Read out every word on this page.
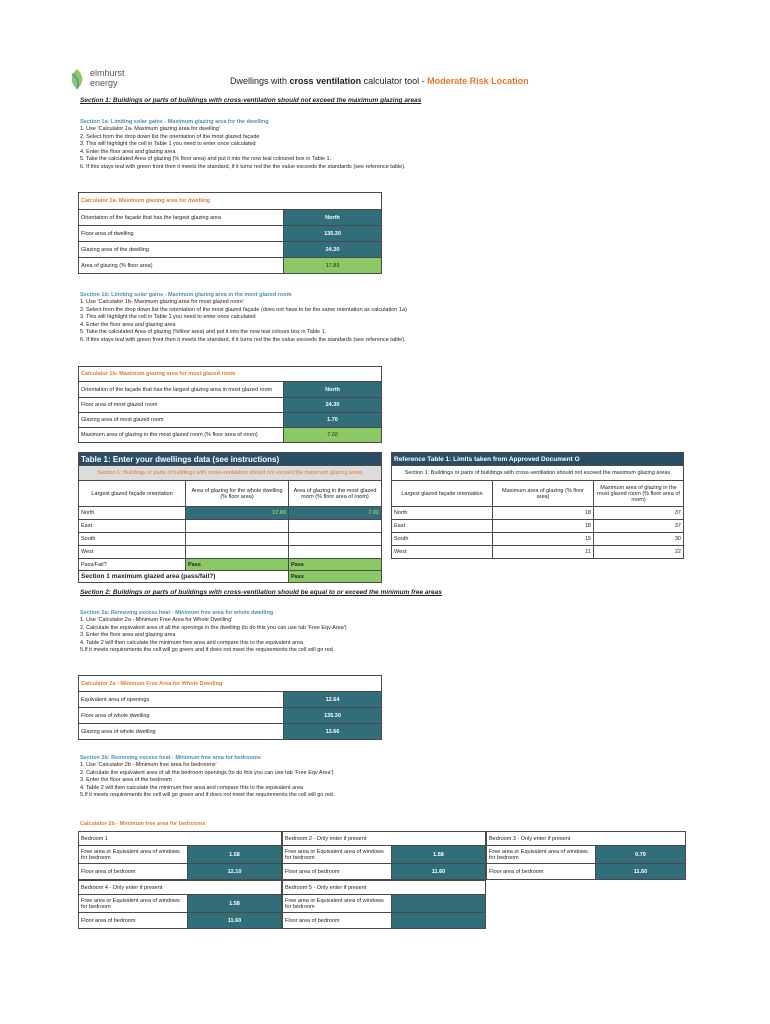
elmhurst
energy	Dwellings with cross ventilation calculator tool - Moderate Risk Location
Section 1: Buildings or parts of buildings with cross-ventilation should not exceed the maximum glazing areas
Section 1a: Limiting solar gains - Maximum glazing area for the dwelling
1. Use 'Calculator 1a- Maximum glazing area for dwelling'
2. Select from the drop down list the orientation of the most glazed façade
3. This will highlight the cell in Table 1 you need to enter once calculated
4. Enter the floor area and glazing area
5. Take the calculated Area of glazing (% floor area) and put it into the now teal coloured box in Table 1.
6. If this stays teal with green front then it meets the standard, if it turns red the the value exceeds the standards (see reference table).
Calculator 1a- Maximum glazing area for dwelling	
Orientation of the façade that has the largest glazing area	North
Floor area of dwelling	135.30
Glazing area of the dwelling	24.20
Area of glazing (% floor area)	17.89
Section 1b: Limiting solar gains - Maximum glazing area in the most glazed room
1. Use 'Calculator 1b- Maximum glazing area for most glazed room'
2. Select from the drop down list the orientation of the most glazed façade (does not have to be the same orientation as calculation 1a)
3. This will highlight the cell in Table 1 you need to enter once calculated
4. Enter the floor area and glazing area
5. Take the calculated Area of glazing (%floor area) and put it into the now teal colours box in Table 1.
6. If this stays teal with green front then it meets the standard, if it turns red the the value exceeds the standards (see reference table).
Calculator 1b- Maximum glazing area for most glazed room	
Orientation of the façade that has the largest glazing area in most glazed room	North
Floor area of most glazed room	24.30
Glazing area of most glazed room	1.70
Maximum area of glazing in the most glazed room (% floor area of room)	7.02
Table 1: Enter your dwellings data (see instructions)		
Section 1: Buildings or parts of buildings with cross-ventilation should not exceed the maximum glazing areas		
Largest glazed façade orientation	Area of glazing for the whole dwelling (% floor area)	Area of glazing in the most glazed room (% floor area of room)
North	17.89	7.02
East		
South		
West		
Pass/Fail?	Pass	Pass
Section 1 maximum glazed area (pass/fail?)		Pass
Reference Table 1: Limits taken from Approved Document O		
Section 1: Buildings or parts of buildings with cross-ventilation should not exceed the maximum glazing areas		
Largest glazed façade orientation	Maximum area of glazing (% floor area)	Maximum area of glazing in the most glazed room (% floor area of room)
North	18	37
East	18	37
South	15	30
West	11	22
Section 2: Buildings or parts of buildings with cross-ventilation should be equal to or exceed the minimum free areas
Section 2a: Removing excess heat - Minimum free area for whole dwelling
1. Use 'Calculator 2a - Minimum Free Area for Whole Dwelling'
2. Calculate the equivalent area of all the openings in the dwelling (to do this you can use tab 'Free Eqv Area')
3. Enter the floor area and glazing area
4. Table 2 will then calculate the minimum free area and compare this to the equivalent area
5.If it meets requirements the cell will go green and if does not meet the requirements the cell will go red.
Calculator 2a - Minimum Free Area for Whole Dwelling	
Equivalent area of openings	12.64
Floor area of whole dwelling	135.30
Glazing area of whole dwelling	13.66
Section 2b: Removing excess heat - Minimum free area for bedrooms
1. Use 'Calculator 2b - Minimum free area for bedrooms'
2. Calculate the equivalent area of all the bedroom openings (to do this you can use tab 'Free Eqv Area')
3. Enter the floor area of the bedroom
4. Table 2 will then calculate the minimum free area and compare this to the equivalent area
5.If it meets requirements the cell will go green and if does not meet the requirements the cell will go red.
Calculator 2b - Minimum free area for bedrooms
Bedroom 1	
Free area or Equivalent area of windows for bedroom	1.58
Floor area of bedroom	12.10
Bedroom 2 - Only enter if present	
Free area or Equivalent area of windows for bedroom	1.58
Floor area of bedroom	11.60
Bedroom 3 - Only enter if present	
Free area or Equivalent area of windows for bedroom	0.79
Floor area of bedroom	11.60
Bedroom 4 - Only enter if present	
Free area or Equivalent area of windows for bedroom	1.58
Floor area of bedroom	11.60
Bedroom 5 - Only enter if present	
Free area or Equivalent area of windows for bedroom	
Floor area of bedroom	
